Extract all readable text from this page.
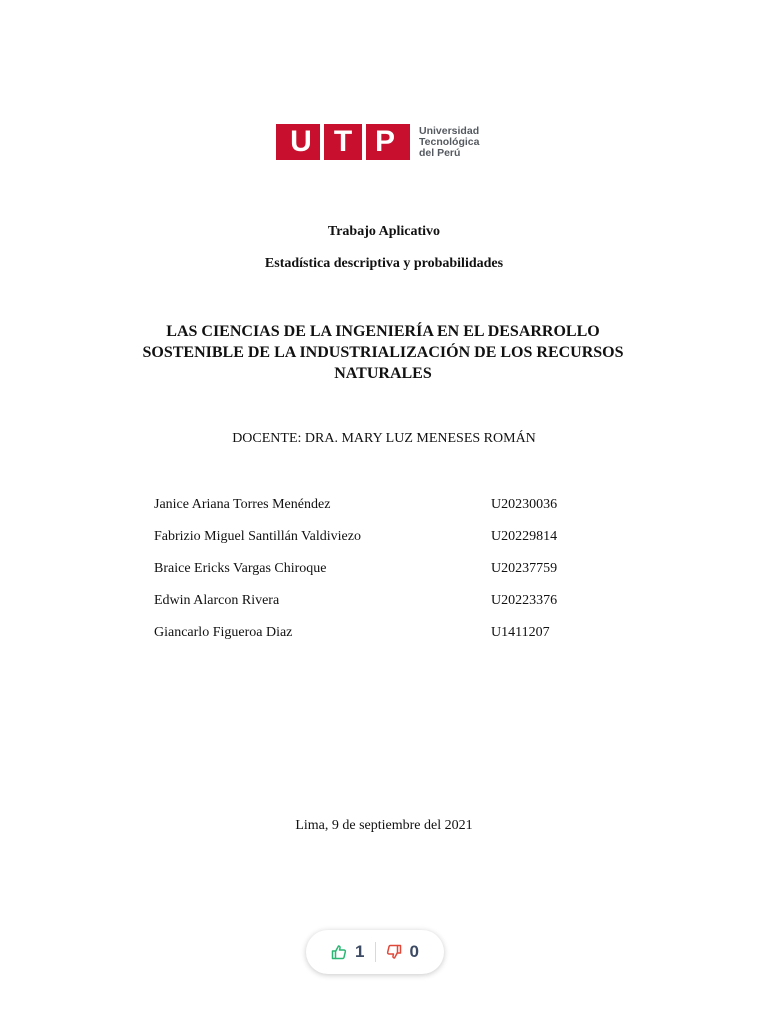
U T P	Universidad
Tecnológica
del Perú
Trabajo Aplicativo
Estadística descriptiva y probabilidades
LAS CIENCIAS DE LA INGENIERÍA EN EL DESARROLLO
SOSTENIBLE DE LA INDUSTRIALIZACIÓN DE LOS RECURSOS
NATURALES
DOCENTE: DRA. MARY LUZ MENESES ROMÁN
Janice Ariana Torres Menéndez	U20230036
Fabrizio Miguel Santillán Valdiviezo	U20229814
Braice Ericks Vargas Chiroque	U20237759
Edwin Alarcon Rivera	U20223376
Giancarlo Figueroa Diaz	U1411207
Lima, 9 de septiembre del 2021
1	0
